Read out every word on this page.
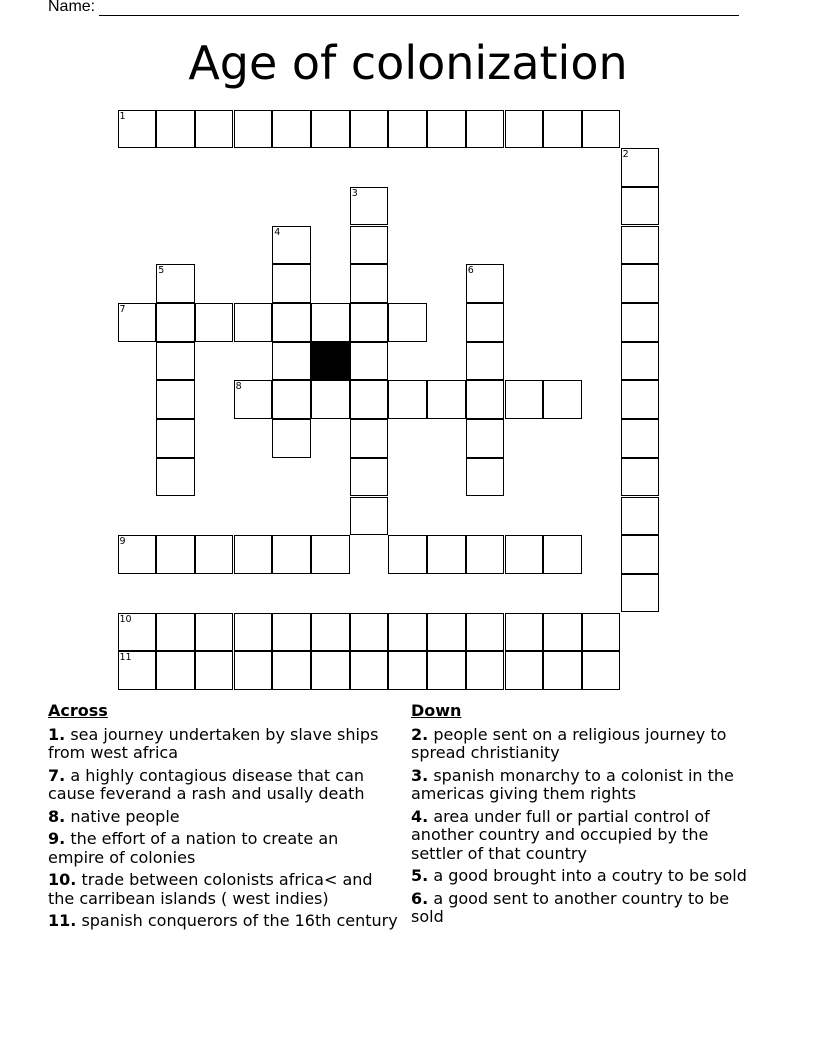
Name:
Age of colonization
1
2
3
4
5	6
7
8
9
10
11
Across
1. sea journey undertaken by slave ships from west africa
7. a highly contagious disease that can cause feverand a rash and usally death
8. native people
9. the effort of a nation to create an empire of colonies
10. trade between colonists africa< and the carribean islands ( west indies)
11. spanish conquerors of the 16th century
Down
2. people sent on a religious journey to spread christianity
3. spanish monarchy to a colonist in the americas giving them rights
4. area under full or partial control of another country and occupied by the settler of that country
5. a good brought into a coutry to be sold
6. a good sent to another country to be sold
